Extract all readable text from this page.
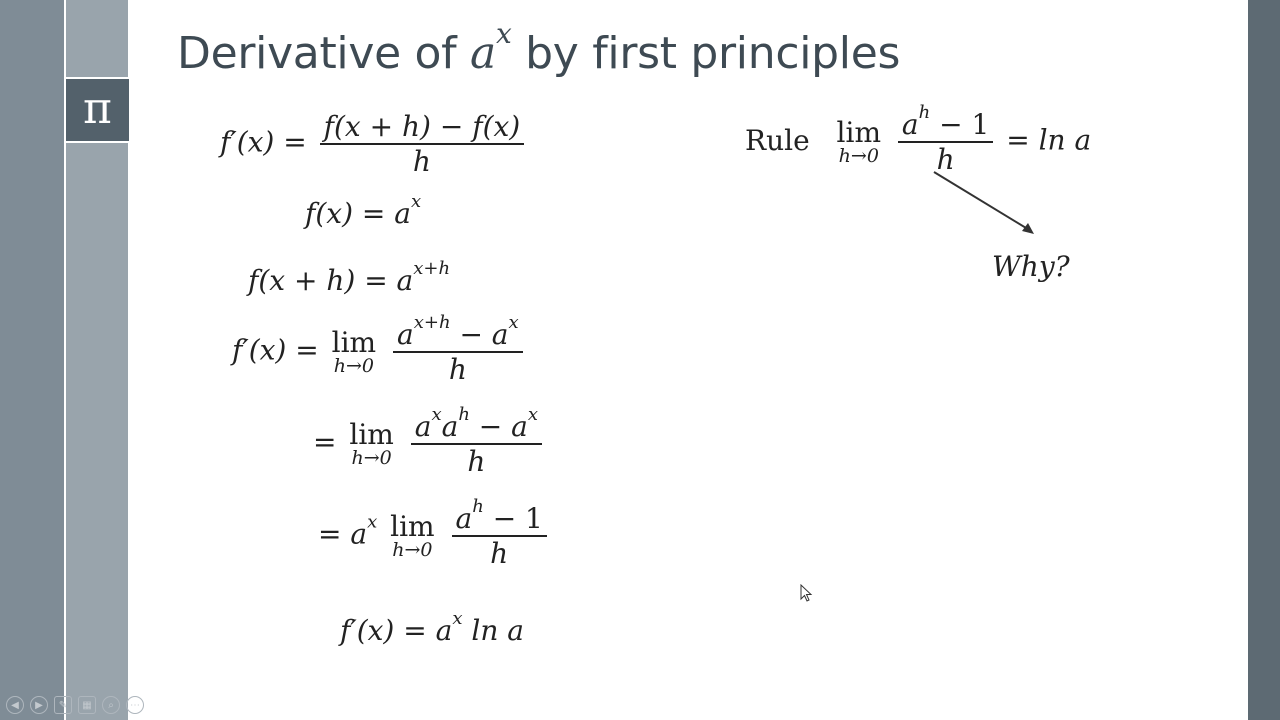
π
Derivative of $a^x$ by first principles
$f'(x) = \frac{f(x + h) - f(x)}{h}$
$f(x) = a^x$
$f(x + h) = a^{x+h}$
f′(x) = lim
h→0
$\frac{a^{x+h} - a^x}{h}$
= lim
h→0
$\frac{a^xa^h - a^x}{h}$
= $a^x$ lim
h→0
$\frac{a^h - 1}{h}$
$f'(x) = a^x$ ln a
Rule lim
h→0
$\frac{a^h - 1}{h} = \ln a$
Why?
◀	▶	✎	▦	⌕	⋯
